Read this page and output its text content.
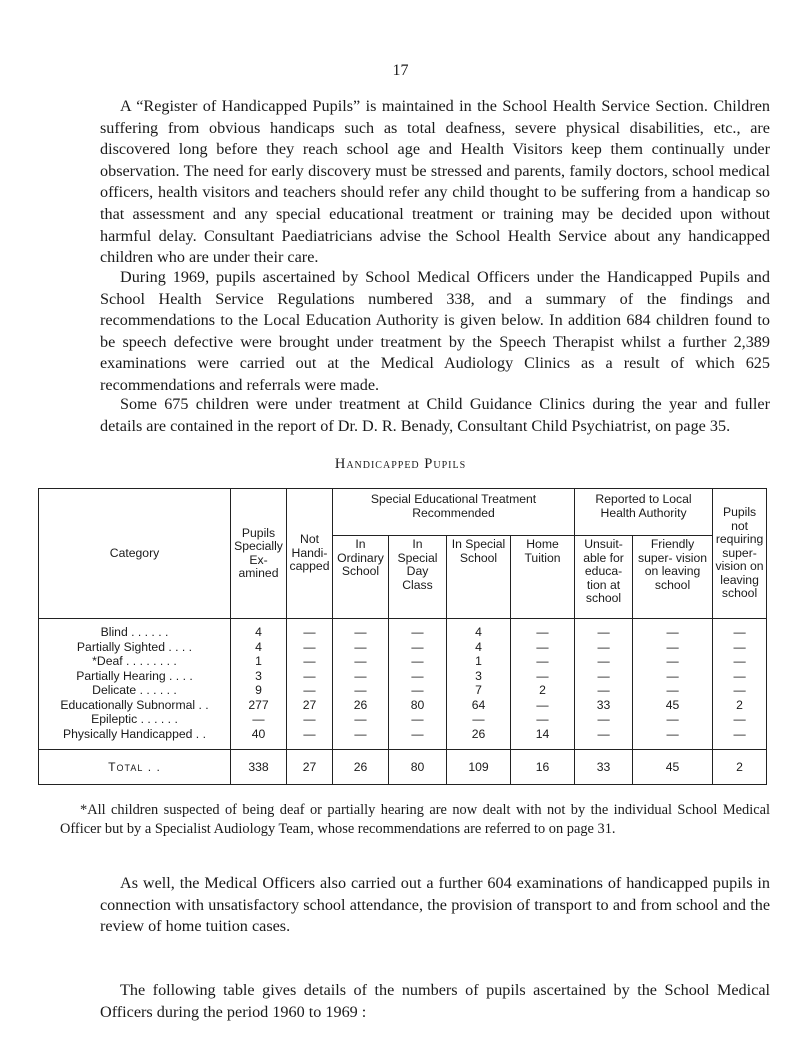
17

A “Register of Handicapped Pupils” is maintained in the School Health Service Section. Children suffering from obvious handicaps such as total deafness, severe physical disabilities, etc., are discovered long before they reach school age and Health Visitors keep them continually under observation. The need for early discovery must be stressed and parents, family doctors, school medical officers, health visitors and teachers should refer any child thought to be suffering from a handicap so that assessment and any special educational treatment or training may be decided upon without harmful delay. Consultant Paediatricians advise the School Health Service about any handicapped children who are under their care.

During 1969, pupils ascertained by School Medical Officers under the Handicapped Pupils and School Health Service Regulations numbered 338, and a summary of the findings and recommendations to the Local Education Authority is given below. In addition 684 children found to be speech defective were brought under treatment by the Speech Therapist whilst a further 2,389 examinations were carried out at the Medical Audiology Clinics as a result of which 625 recommendations and referrals were made.

Some 675 children were under treatment at Child Guidance Clinics during the year and fuller details are contained in the report of Dr. D. R. Benady, Consultant Child Psychiatrist, on page 35.

Handicapped Pupils
Category	Pupils Specially Ex- amined	Not Handi- capped	Special Educational Treatment Recommended				Reported to Local Health Authority		Pupils not requiring super- vision on leaving school
			In Ordinary School	In Special Day Class	In Special School	Home Tuition	Unsuit- able for educa- tion at school	Friendly super- vision on leaving school	
Blind . . . . . .	4	—	—	—	4	—	—	—	—
Partially Sighted . . . .	4	—	—	—	4	—	—	—	—
*Deaf . . . . . . . .	1	—	—	—	1	—	—	—	—
Partially Hearing . . . .	3	—	—	—	3	—	—	—	—
Delicate . . . . . .	9	—	—	—	7	2	—	—	—
Educationally Subnormal . .	277	27	26	80	64	—	33	45	2
Epileptic . . . . . .	—	—	—	—	—	—	—	—	—
Physically Handicapped . .	40	—	—	—	26	14	—	—	—
Total . .	338	27	26	80	109	16	33	45	2

*All children suspected of being deaf or partially hearing are now dealt with not by the individual School Medical Officer but by a Specialist Audiology Team, whose recommendations are referred to on page 31.

As well, the Medical Officers also carried out a further 604 examinations of handicapped pupils in connection with unsatisfactory school attendance, the provision of transport to and from school and the review of home tuition cases.

The following table gives details of the numbers of pupils ascertained by the School Medical Officers during the period 1960 to 1969 :
